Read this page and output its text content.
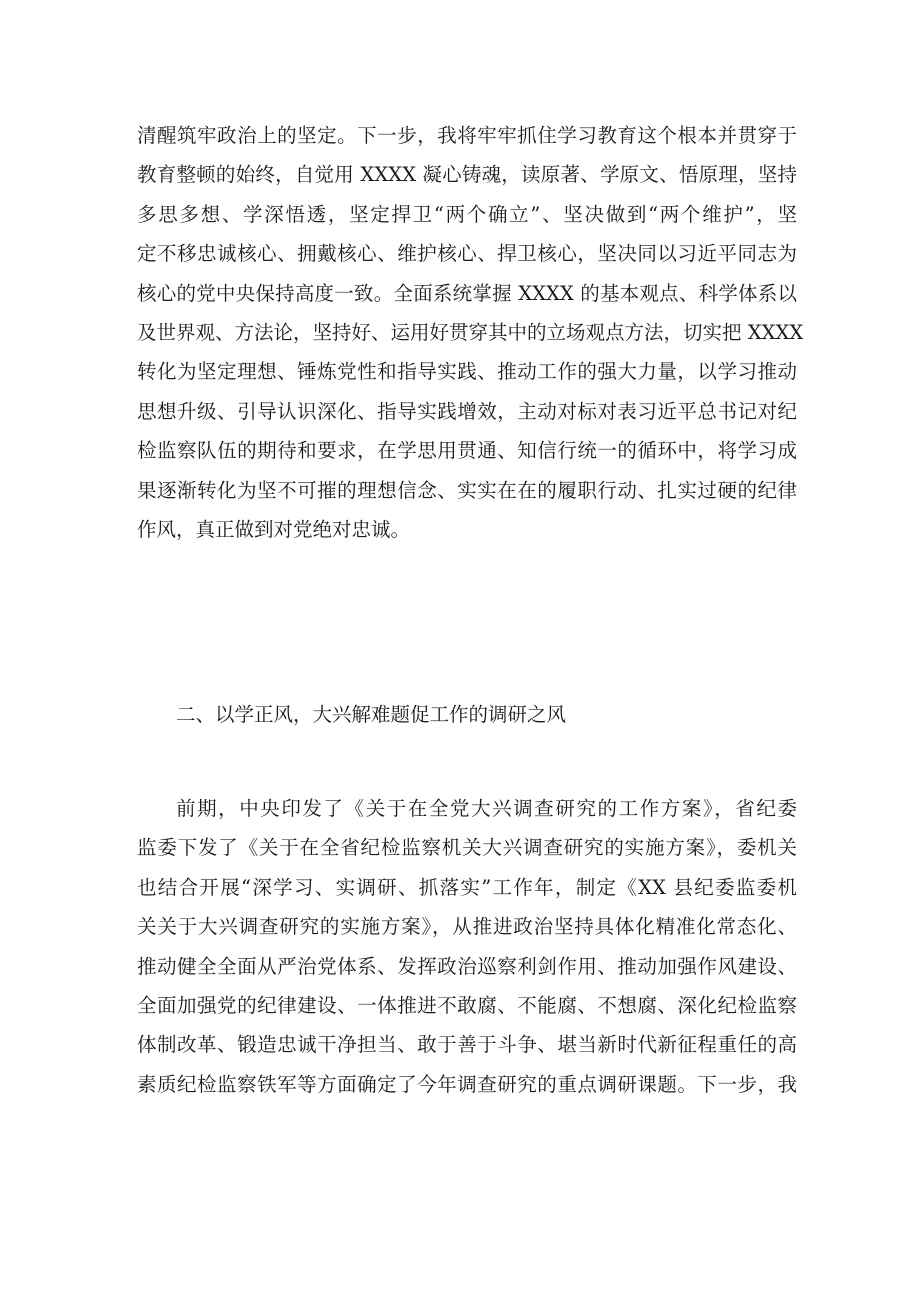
清醒筑牢政治上的坚定。下一步，我将牢牢抓住学习教育这个根本并贯穿于
教育整顿的始终，自觉用 XXXX 凝心铸魂，读原著、学原文、悟原理，坚持
多思多想、学深悟透，坚定捍卫“两个确立”、坚决做到“两个维护”，坚
定不移忠诚核心、拥戴核心、维护核心、捍卫核心，坚决同以习近平同志为
核心的党中央保持高度一致。全面系统掌握 XXXX 的基本观点、科学体系以
及世界观、方法论，坚持好、运用好贯穿其中的立场观点方法，切实把 XXXX
转化为坚定理想、锤炼党性和指导实践、推动工作的强大力量，以学习推动
思想升级、引导认识深化、指导实践增效，主动对标对表习近平总书记对纪
检监察队伍的期待和要求，在学思用贯通、知信行统一的循环中，将学习成
果逐渐转化为坚不可摧的理想信念、实实在在的履职行动、扎实过硬的纪律
作风，真正做到对党绝对忠诚。
二、以学正风，大兴解难题促工作的调研之风
前期，中央印发了《关于在全党大兴调查研究的工作方案》，省纪委
监委下发了《关于在全省纪检监察机关大兴调查研究的实施方案》，委机关
也结合开展“深学习、实调研、抓落实”工作年，制定《XX 县纪委监委机
关关于大兴调查研究的实施方案》，从推进政治坚持具体化精准化常态化、
推动健全全面从严治党体系、发挥政治巡察利剑作用、推动加强作风建设、
全面加强党的纪律建设、一体推进不敢腐、不能腐、不想腐、深化纪检监察
体制改革、锻造忠诚干净担当、敢于善于斗争、堪当新时代新征程重任的高
素质纪检监察铁军等方面确定了今年调查研究的重点调研课题。下一步，我
